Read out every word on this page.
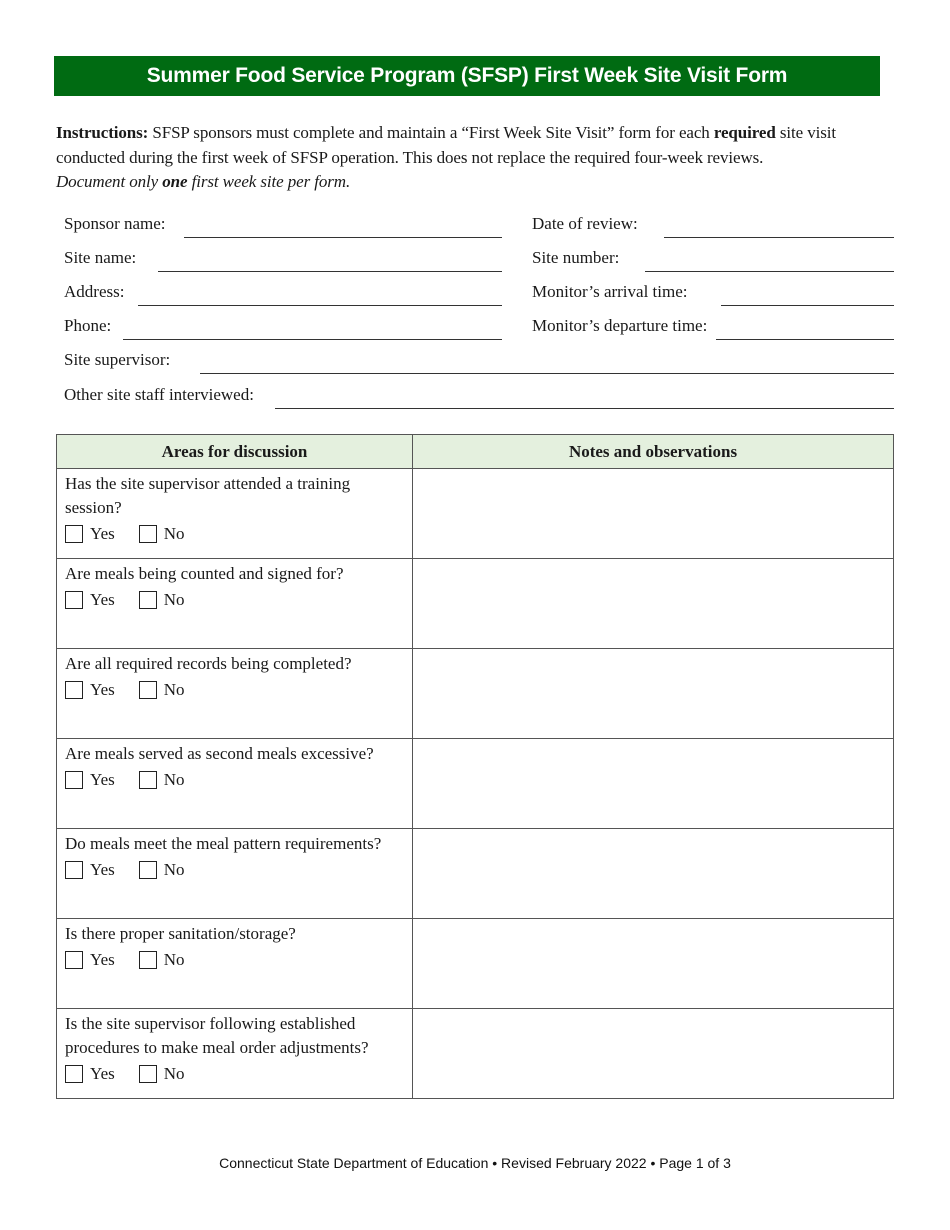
Summer Food Service Program (SFSP) First Week Site Visit Form
Instructions: SFSP sponsors must complete and maintain a “First Week Site Visit” form for each required site visit conducted during the first week of SFSP operation. This does not replace the required four-week reviews.
Document only one first week site per form.
Sponsor name:
Site name:
Address:
Phone:
Site supervisor:
Other site staff interviewed:
Date of review:
Site number:
Monitor’s arrival time:
Monitor’s departure time:
Areas for discussion	Notes and observations

Has the site supervisor attended a training session?
Yes No	

Are meals being counted and signed for?
Yes No	

Are all required records being completed?
Yes No	

Are meals served as second meals excessive?
Yes No	

Do meals meet the meal pattern requirements?
Yes No	

Is there proper sanitation/storage?
Yes No	

Is the site supervisor following established procedures to make meal order adjustments?
Yes No	

Connecticut State Department of Education • Revised February 2022 • Page 1 of 3
